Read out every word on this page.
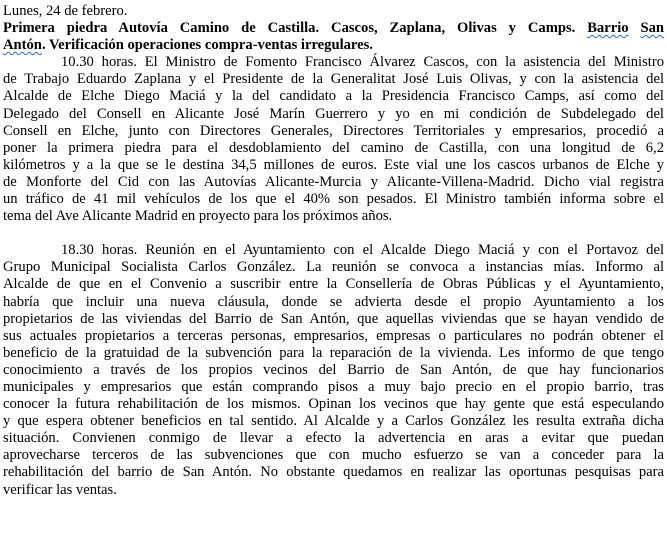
Lunes, 24 de febrero.
Primera piedra Autovía Camino de Castilla. Cascos, Zaplana, Olivas y Camps. Barrio San
Antón. Verificación operaciones compra-ventas irregulares.
10.30 horas. El Ministro de Fomento Francisco Álvarez Cascos, con la asistencia del Ministro
de Trabajo Eduardo Zaplana y el Presidente de la Generalitat José Luis Olivas, y con la asistencia del
Alcalde de Elche Diego Maciá y la del candidato a la Presidencia Francisco Camps, así como del
Delegado del Consell en Alicante José Marín Guerrero y yo en mi condición de Subdelegado del
Consell en Elche, junto con Directores Generales, Directores Territoriales y empresarios, procedió a
poner la primera piedra para el desdoblamiento del camino de Castilla, con una longitud de 6,2
kilómetros y a la que se le destina 34,5 millones de euros. Este vial une los cascos urbanos de Elche y
de Monforte del Cid con las Autovías Alicante-Murcia y Alicante-Villena-Madrid. Dicho vial registra
un tráfico de 41 mil vehículos de los que el 40% son pesados. El Ministro también informa sobre el
tema del Ave Alicante Madrid en proyecto para los próximos años.
18.30 horas. Reunión en el Ayuntamiento con el Alcalde Diego Maciá y con el Portavoz del
Grupo Municipal Socialista Carlos González. La reunión se convoca a instancias mías. Informo al
Alcalde de que en el Convenio a suscribir entre la Consellería de Obras Públicas y el Ayuntamiento,
habría que incluir una nueva cláusula, donde se advierta desde el propio Ayuntamiento a los
propietarios de las viviendas del Barrio de San Antón, que aquellas viviendas que se hayan vendido de
sus actuales propietarios a terceras personas, empresarios, empresas o particulares no podrán obtener el
beneficio de la gratuidad de la subvención para la reparación de la vivienda. Les informo de que tengo
conocimiento a través de los propios vecinos del Barrio de San Antón, de que hay funcionarios
municipales y empresarios que están comprando pisos a muy bajo precio en el propio barrio, tras
conocer la futura rehabilitación de los mismos. Opinan los vecinos que hay gente que está especulando
y que espera obtener beneficios en tal sentido. Al Alcalde y a Carlos González les resulta extraña dicha
situación. Convienen conmigo de llevar a efecto la advertencia en aras a evitar que puedan
aprovecharse terceros de las subvenciones que con mucho esfuerzo se van a conceder para la
rehabilitación del barrio de San Antón. No obstante quedamos en realizar las oportunas pesquisas para
verificar las ventas.
